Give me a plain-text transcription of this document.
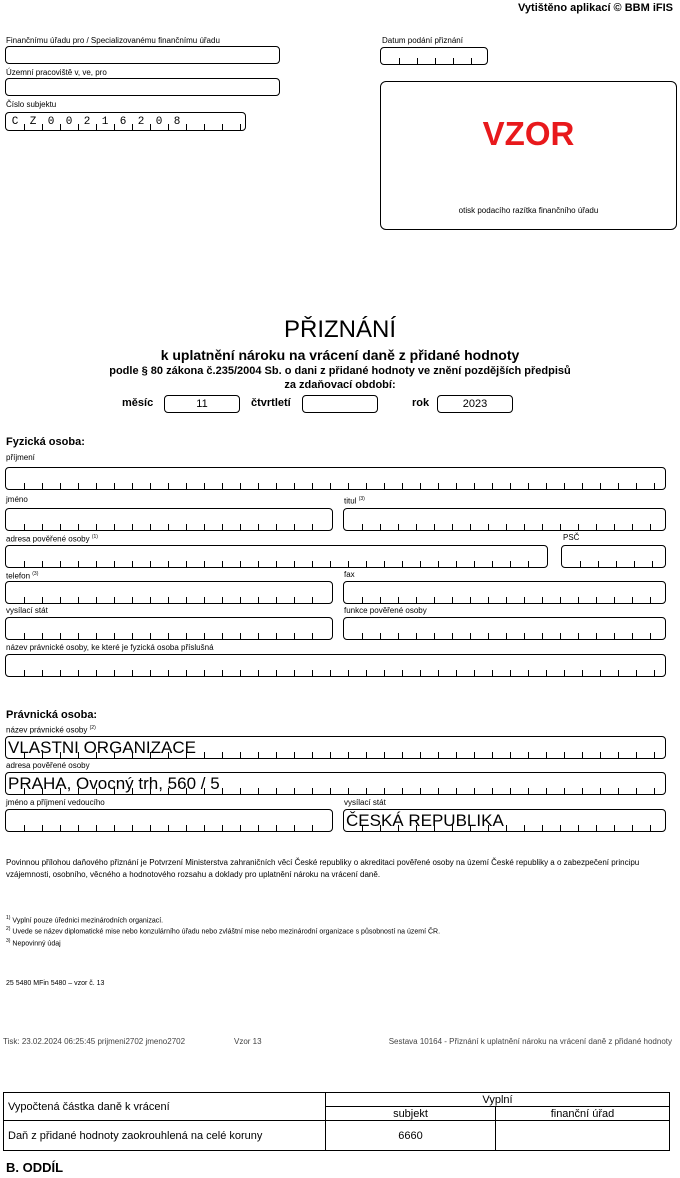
Vytištěno aplikací © BBM iFIS
Finančnímu úřadu pro / Specializovanému finančnímu úřadu
Územní pracoviště v, ve, pro
Číslo subjektu
C	Z	0	0	2	1	6	2	0	8
Datum podání přiznání
VZOR
otisk podacího razítka finančního úřadu
PŘIZNÁNÍ
k uplatnění nároku na vrácení daně z přidané hodnoty
podle § 80 zákona č.235/2004 Sb. o dani z přidané hodnoty ve znění pozdějších předpisů
za zdaňovací období:
měsíc	11	čtvrtletí	rok	2023
Fyzická osoba:
příjmení
jméno	titul $^{(3)}$
adresa pověřené osoby $^{(1)}$	PSČ
telefon $^{(3)}$	fax
vysílací stát	funkce pověřené osoby
název právnické osoby, ke které je fyzická osoba příslušná
Právnická osoba:
název právnické osoby $^{(2)}$
VLASTNI ORGANIZACE
adresa pověřené osoby
PRAHA, Ovocný trh, 560 / 5
jméno a příjmení vedoucího	vysílací stát
ČESKÁ REPUBLIKA
Povinnou přílohou daňového přiznání je Potvrzení Ministerstva zahraničních věcí České republiky o akreditaci pověřené osoby na území České republiky a o zabezpečení principu vzájemnosti, osobního, věcného a hodnotového rozsahu a doklady pro uplatnění nároku na vrácení daně.
$^{1)}$ Vyplní pouze úřednici mezinárodních organizací.
$^{2)}$ Uvede se název diplomatické mise nebo konzulárního úřadu nebo zvláštní mise nebo mezinárodní organizace s působností na území ČR.
$^{3)}$ Nepovinný údaj
25 5480 MFin 5480 – vzor č. 13
Tisk: 23.02.2024 06:25:45 prijmeni2702 jmeno2702	Vzor 13	Sestava 10164 - Přiznání k uplatnění nároku na vrácení daně z přidané hodnoty
Vypočtená částka daně k vrácení	Vyplní	
	subjekt	finanční úřad
Daň z přidané hodnoty zaokrouhlená na celé koruny	6660	
B. ODDÍL
